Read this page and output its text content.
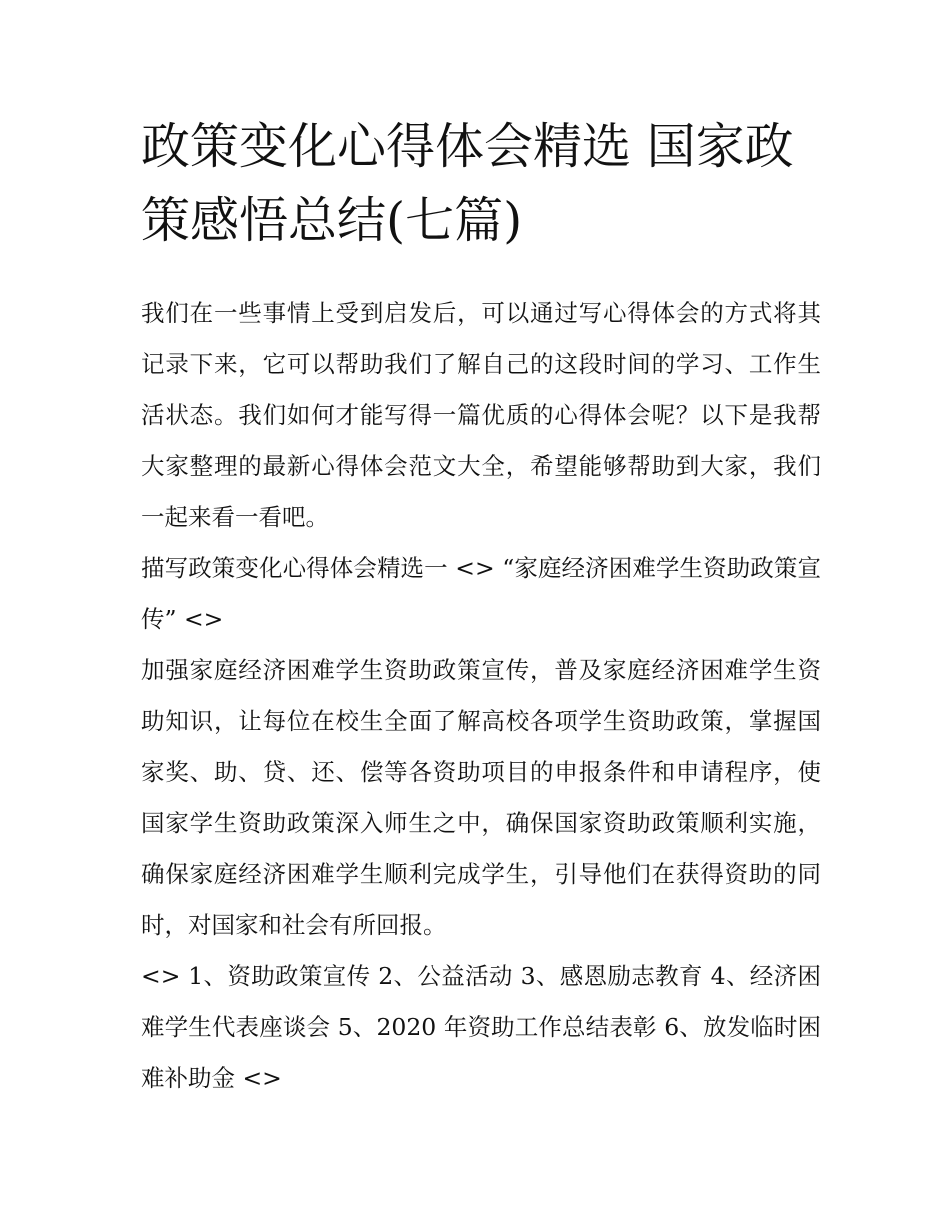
政策变化心得体会精选 国家政策感悟总结(七篇)

我们在一些事情上受到启发后，可以通过写心得体会的方式将其记录下来，它可以帮助我们了解自己的这段时间的学习、工作生活状态。我们如何才能写得一篇优质的心得体会呢？以下是我帮大家整理的最新心得体会范文大全，希望能够帮助到大家，我们一起来看一看吧。

描写政策变化心得体会精选一 <> “家庭经济困难学生资助政策宣传” <>

加强家庭经济困难学生资助政策宣传，普及家庭经济困难学生资助知识，让每位在校生全面了解高校各项学生资助政策，掌握国家奖、助、贷、还、偿等各资助项目的申报条件和申请程序，使国家学生资助政策深入师生之中，确保国家资助政策顺利实施，确保家庭经济困难学生顺利完成学生，引导他们在获得资助的同时，对国家和社会有所回报。

<> 1、资助政策宣传 2、公益活动 3、感恩励志教育 4、经济困难学生代表座谈会 5、2020 年资助工作总结表彰 6、放发临时困难补助金 <>
